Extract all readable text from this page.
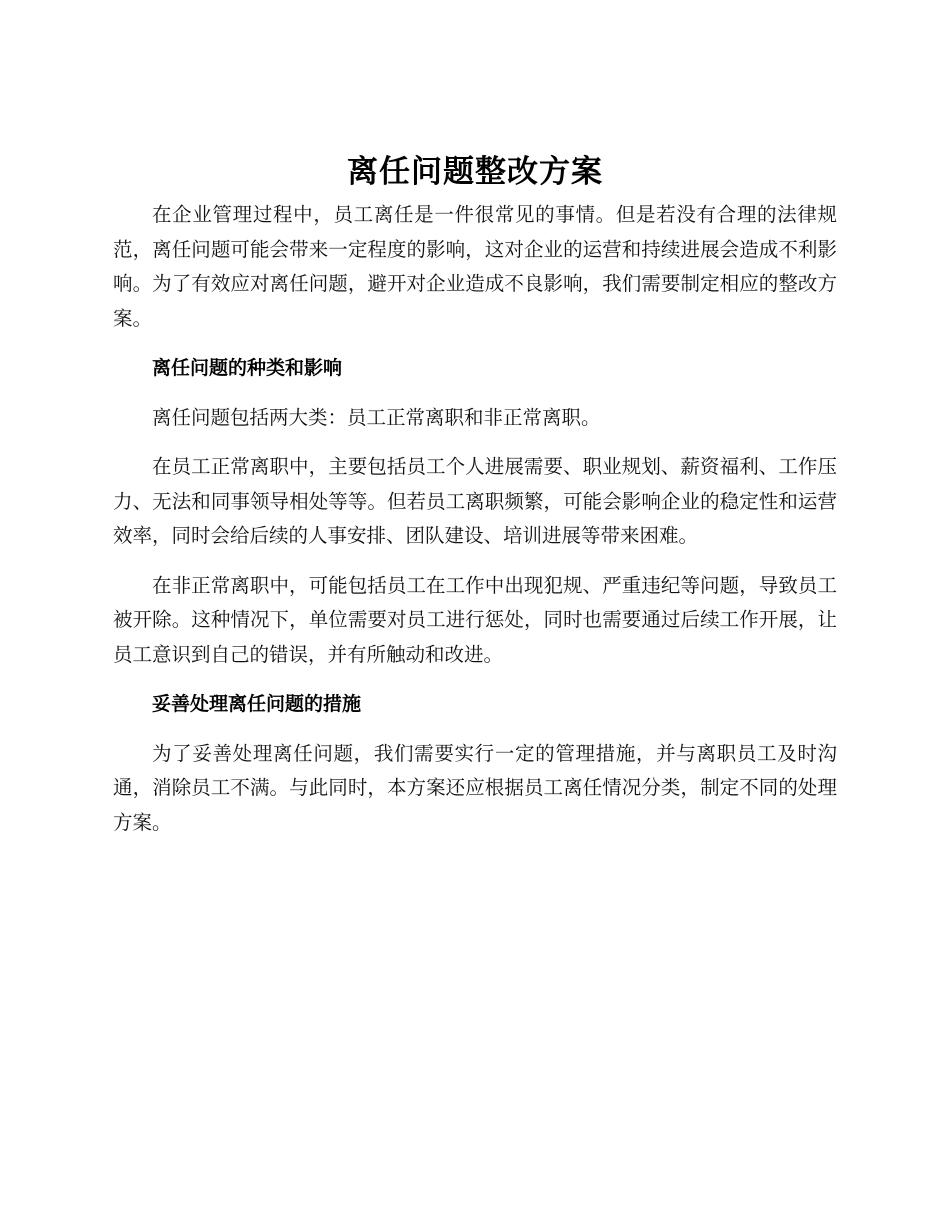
离任问题整改方案

在企业管理过程中，员工离任是一件很常见的事情。但是若没有合理的法律规范，离任问题可能会带来一定程度的影响，这对企业的运营和持续进展会造成不利影响。为了有效应对离任问题，避开对企业造成不良影响，我们需要制定相应的整改方案。

离任问题的种类和影响

离任问题包括两大类：员工正常离职和非正常离职。

在员工正常离职中，主要包括员工个人进展需要、职业规划、薪资福利、工作压力、无法和同事领导相处等等。但若员工离职频繁，可能会影响企业的稳定性和运营效率，同时会给后续的人事安排、团队建设、培训进展等带来困难。

在非正常离职中，可能包括员工在工作中出现犯规、严重违纪等问题，导致员工被开除。这种情况下，单位需要对员工进行惩处，同时也需要通过后续工作开展，让员工意识到自己的错误，并有所触动和改进。

妥善处理离任问题的措施

为了妥善处理离任问题，我们需要实行一定的管理措施，并与离职员工及时沟通，消除员工不满。与此同时，本方案还应根据员工离任情况分类，制定不同的处理方案。
